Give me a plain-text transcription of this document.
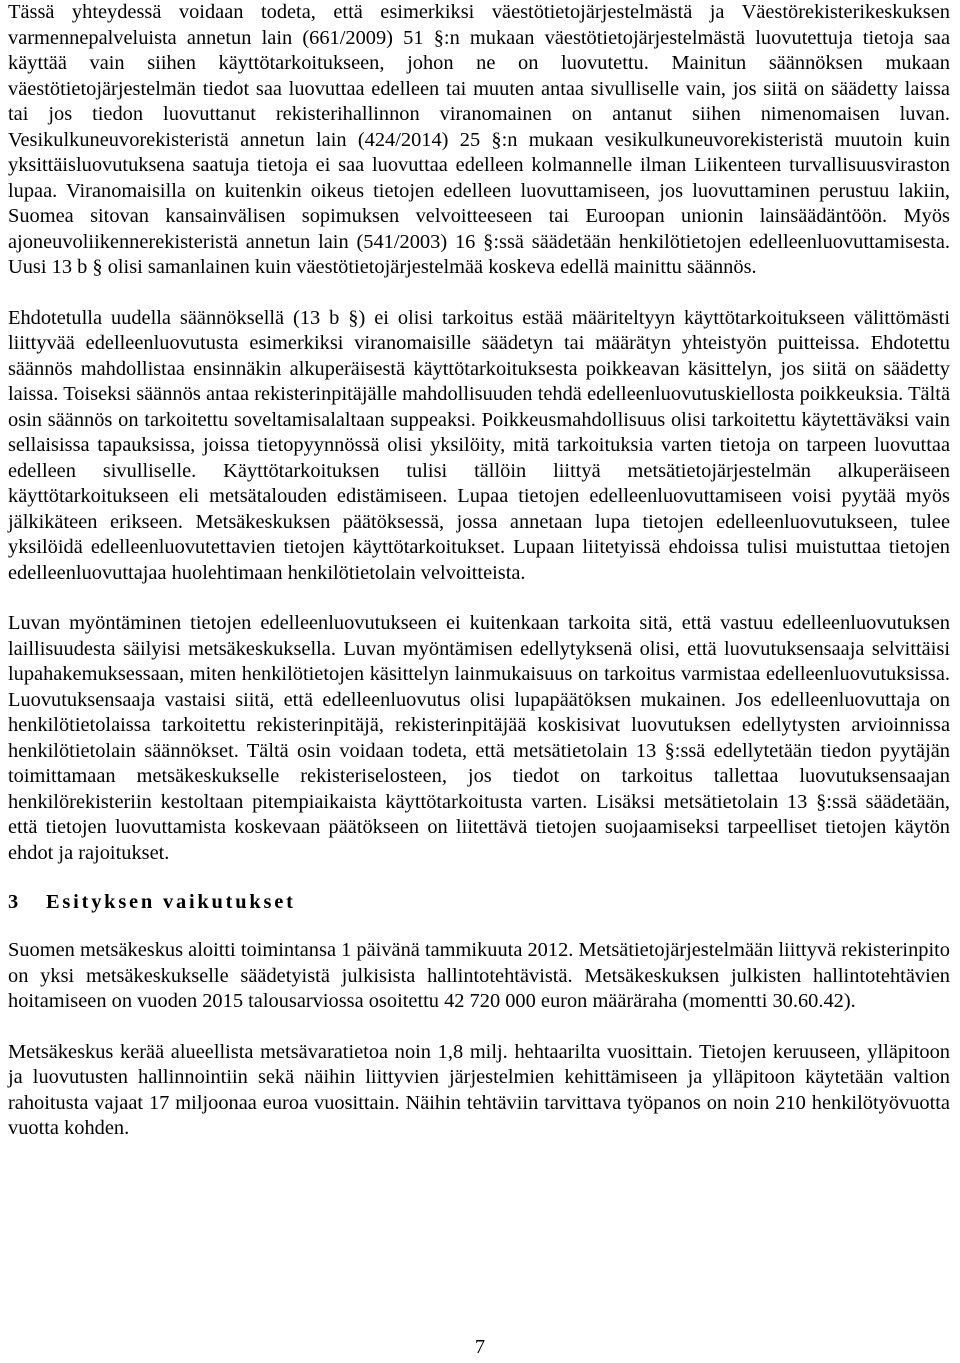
Tässä yhteydessä voidaan todeta, että esimerkiksi väestötietojärjestelmästä ja Väestörekisterikeskuksen varmennepalveluista annetun lain (661/2009) 51 §:n mukaan väestötietojärjestelmästä luovutettuja tietoja saa käyttää vain siihen käyttötarkoitukseen, johon ne on luovutettu. Mainitun säännöksen mukaan väestötietojärjestelmän tiedot saa luovuttaa edelleen tai muuten antaa sivulliselle vain, jos siitä on säädetty laissa tai jos tiedon luovuttanut rekisterihallinnon viranomainen on antanut siihen nimenomaisen luvan. Vesikulkuneuvorekisteristä annetun lain (424/2014) 25 §:n mukaan vesikulkuneuvorekisteristä muutoin kuin yksittäisluovutuksena saatuja tietoja ei saa luovuttaa edelleen kolmannelle ilman Liikenteen turvallisuusviraston lupaa. Viranomaisilla on kuitenkin oikeus tietojen edelleen luovuttamiseen, jos luovuttaminen perustuu lakiin, Suomea sitovan kansainvälisen sopimuksen velvoitteeseen tai Euroopan unionin lainsäädäntöön. Myös ajoneuvoliikennerekisteristä annetun lain (541/2003) 16 §:ssä säädetään henkilötietojen edelleenluovuttamisesta. Uusi 13 b § olisi samanlainen kuin väestötietojärjestelmää koskeva edellä mainittu säännös.

Ehdotetulla uudella säännöksellä (13 b §) ei olisi tarkoitus estää määriteltyyn käyttötarkoitukseen välittömästi liittyvää edelleenluovutusta esimerkiksi viranomaisille säädetyn tai määrätyn yhteistyön puitteissa. Ehdotettu säännös mahdollistaa ensinnäkin alkuperäisestä käyttötarkoituksesta poikkeavan käsittelyn, jos siitä on säädetty laissa. Toiseksi säännös antaa rekisterinpitäjälle mahdollisuuden tehdä edelleenluovutuskiellosta poikkeuksia. Tältä osin säännös on tarkoitettu soveltamisalaltaan suppeaksi. Poikkeusmahdollisuus olisi tarkoitettu käytettäväksi vain sellaisissa tapauksissa, joissa tietopyynnössä olisi yksilöity, mitä tarkoituksia varten tietoja on tarpeen luovuttaa edelleen sivulliselle. Käyttötarkoituksen tulisi tällöin liittyä metsätietojärjestelmän alkuperäiseen käyttötarkoitukseen eli metsätalouden edistämiseen. Lupaa tietojen edelleenluovuttamiseen voisi pyytää myös jälkikäteen erikseen. Metsäkeskuksen päätöksessä, jossa annetaan lupa tietojen edelleenluovutukseen, tulee yksilöidä edelleenluovutettavien tietojen käyttötarkoitukset. Lupaan liitetyissä ehdoissa tulisi muistuttaa tietojen edelleenluovuttajaa huolehtimaan henkilötietolain velvoitteista.

Luvan myöntäminen tietojen edelleenluovutukseen ei kuitenkaan tarkoita sitä, että vastuu edelleenluovutuksen laillisuudesta säilyisi metsäkeskuksella. Luvan myöntämisen edellytyksenä olisi, että luovutuksensaaja selvittäisi lupahakemuksessaan, miten henkilötietojen käsittelyn lainmukaisuus on tarkoitus varmistaa edelleenluovutuksissa. Luovutuksensaaja vastaisi siitä, että edelleenluovutus olisi lupapäätöksen mukainen. Jos edelleenluovuttaja on henkilötietolaissa tarkoitettu rekisterinpitäjä, rekisterinpitäjää koskisivat luovutuksen edellytysten arvioinnissa henkilötietolain säännökset. Tältä osin voidaan todeta, että metsätietolain 13 §:ssä edellytetään tiedon pyytäjän toimittamaan metsäkeskukselle rekisteriselosteen, jos tiedot on tarkoitus tallettaa luovutuksensaajan henkilörekisteriin kestoltaan pitempiaikaista käyttötarkoitusta varten. Lisäksi metsätietolain 13 §:ssä säädetään, että tietojen luovuttamista koskevaan päätökseen on liitettävä tietojen suojaamiseksi tarpeelliset tietojen käytön ehdot ja rajoitukset.

3 Esityksen vaikutukset

Suomen metsäkeskus aloitti toimintansa 1 päivänä tammikuuta 2012. Metsätietojärjestelmään liittyvä rekisterinpito on yksi metsäkeskukselle säädetyistä julkisista hallintotehtävistä. Metsäkeskuksen julkisten hallintotehtävien hoitamiseen on vuoden 2015 talousarviossa osoitettu 42 720 000 euron määräraha (momentti 30.60.42).

Metsäkeskus kerää alueellista metsävaratietoa noin 1,8 milj. hehtaarilta vuosittain. Tietojen keruuseen, ylläpitoon ja luovutusten hallinnointiin sekä näihin liittyvien järjestelmien kehittämiseen ja ylläpitoon käytetään valtion rahoitusta vajaat 17 miljoonaa euroa vuosittain. Näihin tehtäviin tarvittava työpanos on noin 210 henkilötyövuotta vuotta kohden.

7
